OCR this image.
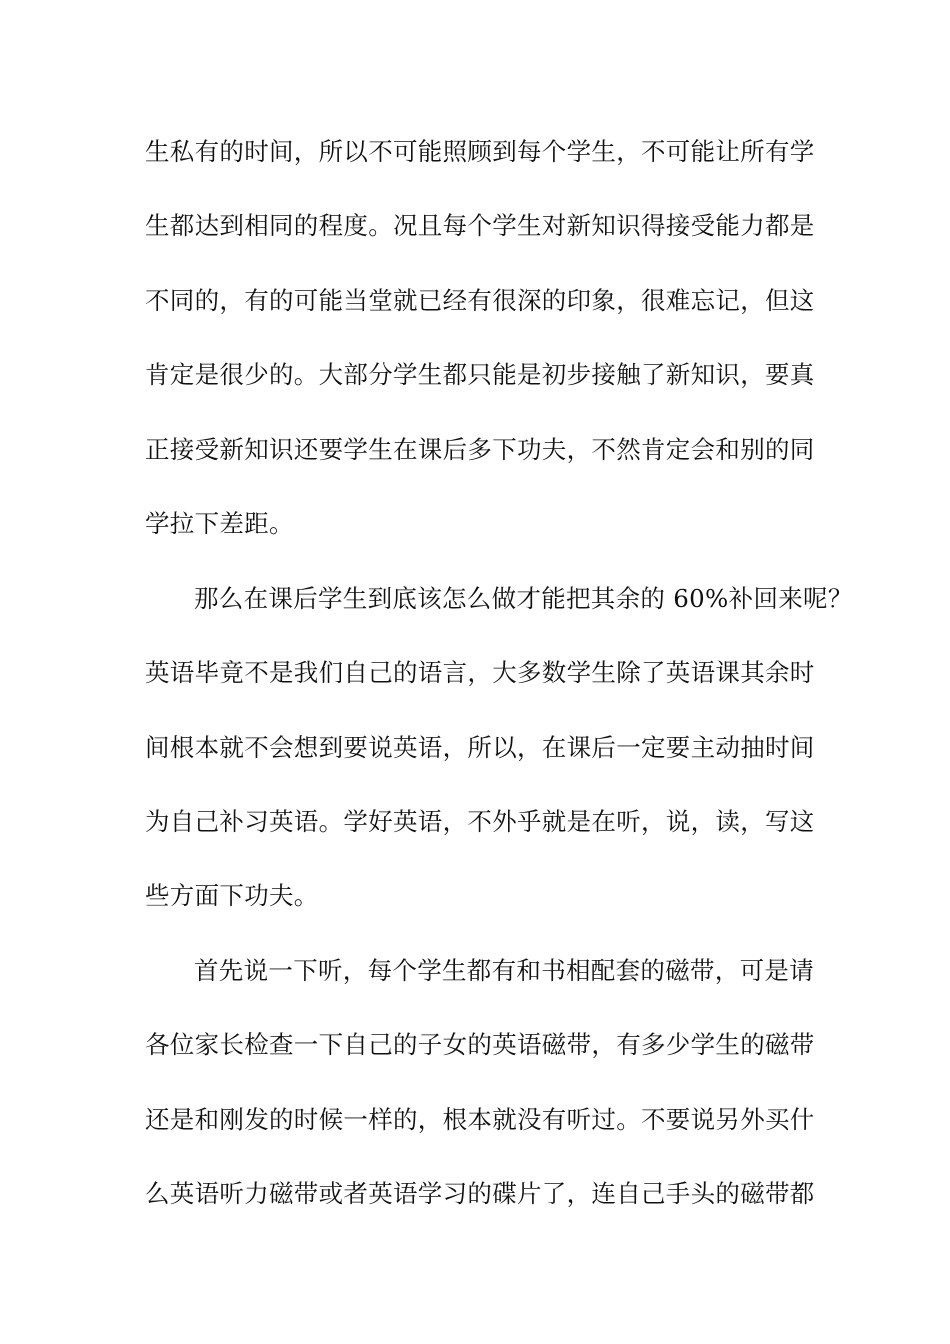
生私有的时间，所以不可能照顾到每个学生，不可能让所有学
生都达到相同的程度。况且每个学生对新知识得接受能力都是
不同的，有的可能当堂就已经有很深的印象，很难忘记，但这
肯定是很少的。大部分学生都只能是初步接触了新知识，要真
正接受新知识还要学生在课后多下功夫，不然肯定会和别的同
学拉下差距。
那么在课后学生到底该怎么做才能把其余的 60%补回来呢？
英语毕竟不是我们自己的语言，大多数学生除了英语课其余时
间根本就不会想到要说英语，所以，在课后一定要主动抽时间
为自己补习英语。学好英语，不外乎就是在听，说，读，写这
些方面下功夫。
首先说一下听，每个学生都有和书相配套的磁带，可是请
各位家长检查一下自己的子女的英语磁带，有多少学生的磁带
还是和刚发的时候一样的，根本就没有听过。不要说另外买什
么英语听力磁带或者英语学习的碟片了，连自己手头的磁带都
